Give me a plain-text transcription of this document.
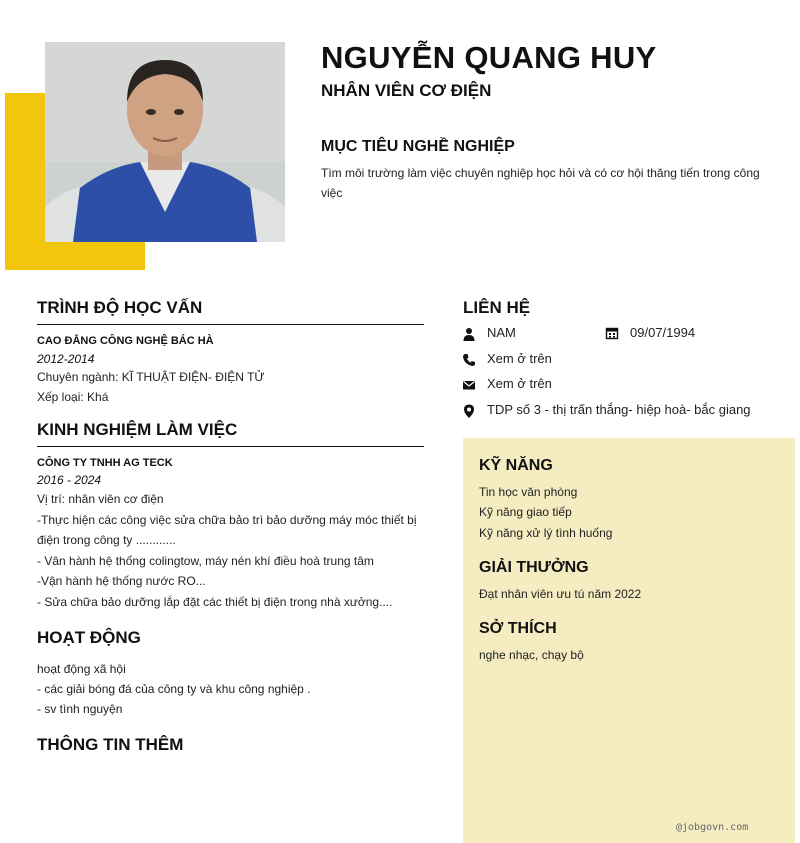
NGUYỄN QUANG HUY
NHÂN VIÊN CƠ ĐIỆN
MỤC TIÊU NGHỀ NGHIỆP
Tìm môi trường làm việc chuyên nghiệp học hỏi và có cơ hội thăng tiến trong công việc
TRÌNH ĐỘ HỌC VẤN
CAO ĐẲNG CÔNG NGHỆ BÁC HÀ
2012-2014
Chuyên ngành: KĨ THUẬT ĐIỆN- ĐIỆN TỬ
Xếp loại: Khá
KINH NGHIỆM LÀM VIỆC
CÔNG TY TNHH AG TECK
2016 - 2024
Vị trí: nhân viên cơ điện
-Thực hiện các công việc sửa chữa bảo trì bảo dưỡng máy móc thiết bị
điện trong công ty ............
- Vân hành hệ thống colingtow, máy nén khí điều hoà trung tâm
-Vận hành hệ thống nước RO...
- Sửa chữa bảo dưỡng lắp đặt các thiết bị điện trong nhà xưởng....
HOẠT ĐỘNG
hoạt động xã hội
- các giải bóng đá của công ty và khu công nghiệp .
- sv tình nguyện
THÔNG TIN THÊM
LIÊN HỆ
NAM	09/07/1994
Xem ở trên
Xem ở trên
TDP số 3 - thị trấn thắng- hiệp hoà- bắc giang
KỸ NĂNG
Tin học văn phòng
Kỹ năng giao tiếp
Kỹ năng xử lý tình huống
GIẢI THƯỞNG
Đạt nhân viên ưu tú năm 2022
SỞ THÍCH
nghe nhạc, chạy bộ
@jobgovn.com
